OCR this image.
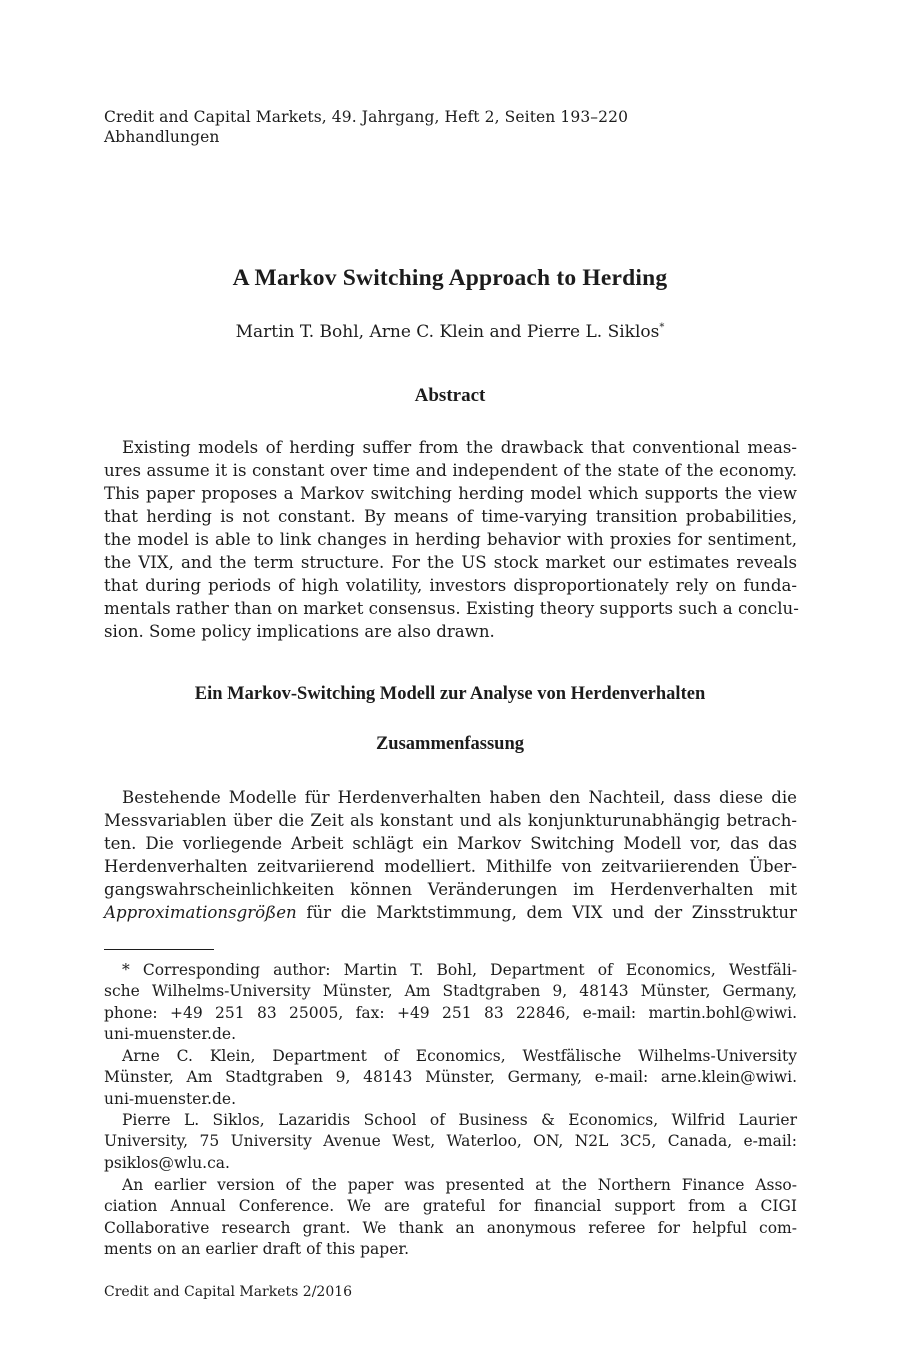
Credit and Capital Markets, 49. Jahrgang, Heft 2, Seiten 193–220
Abhandlungen
A Markov Switching Approach to Herding
Martin T. Bohl, Arne C. Klein and Pierre L. Siklos*
Abstract

Existing models of herding suffer from the drawback that conventional meas-
ures assume it is constant over time and independent of the state of the economy.
This paper proposes a Markov switching herding model which supports the view
that herding is not constant. By means of time-varying transition probabilities,
the model is able to link changes in herding behavior with proxies for sentiment,
the VIX, and the term structure. For the US stock market our estimates reveals
that during periods of high volatility, investors disproportionately rely on funda-
mentals rather than on market consensus. Existing theory supports such a conclu-
sion. Some policy implications are also drawn.

Ein Markov-Switching Modell zur Analyse von Herdenverhalten
Zusammenfassung

Bestehende Modelle für Herdenverhalten haben den Nachteil, dass diese die
Messvariablen über die Zeit als konstant und als konjunkturunabhängig betrach-
ten. Die vorliegende Arbeit schlägt ein Markov Switching Modell vor, das das
Herdenverhalten zeitvariierend modelliert. Mithilfe von zeitvariierenden Über-
gangswahrscheinlichkeiten können Veränderungen im Herdenverhalten mit
Approximationsgrößen für die Marktstimmung, dem VIX und der Zinsstruktur

* Corresponding author: Martin T. Bohl, Department of Economics, Westfäli-
sche Wilhelms-University Münster, Am Stadtgraben 9, 48143 Münster, Germany,
phone: +49 251 83 25005, fax: +49 251 83 22846, e-mail: martin.bohl@wiwi.
uni-muenster.de.

Arne C. Klein, Department of Economics, Westfälische Wilhelms-University
Münster, Am Stadtgraben 9, 48143 Münster, Germany, e-mail: arne.klein@wiwi.
uni-muenster.de.

Pierre L. Siklos, Lazaridis School of Business & Economics, Wilfrid Laurier
University, 75 University Avenue West, Waterloo, ON, N2L 3C5, Canada, e-mail:
psiklos@wlu.ca.

An earlier version of the paper was presented at the Northern Finance Asso-
ciation Annual Conference. We are grateful for financial support from a CIGI
Collaborative research grant. We thank an anonymous referee for helpful com-
ments on an earlier draft of this paper.

Credit and Capital Markets 2/2016
